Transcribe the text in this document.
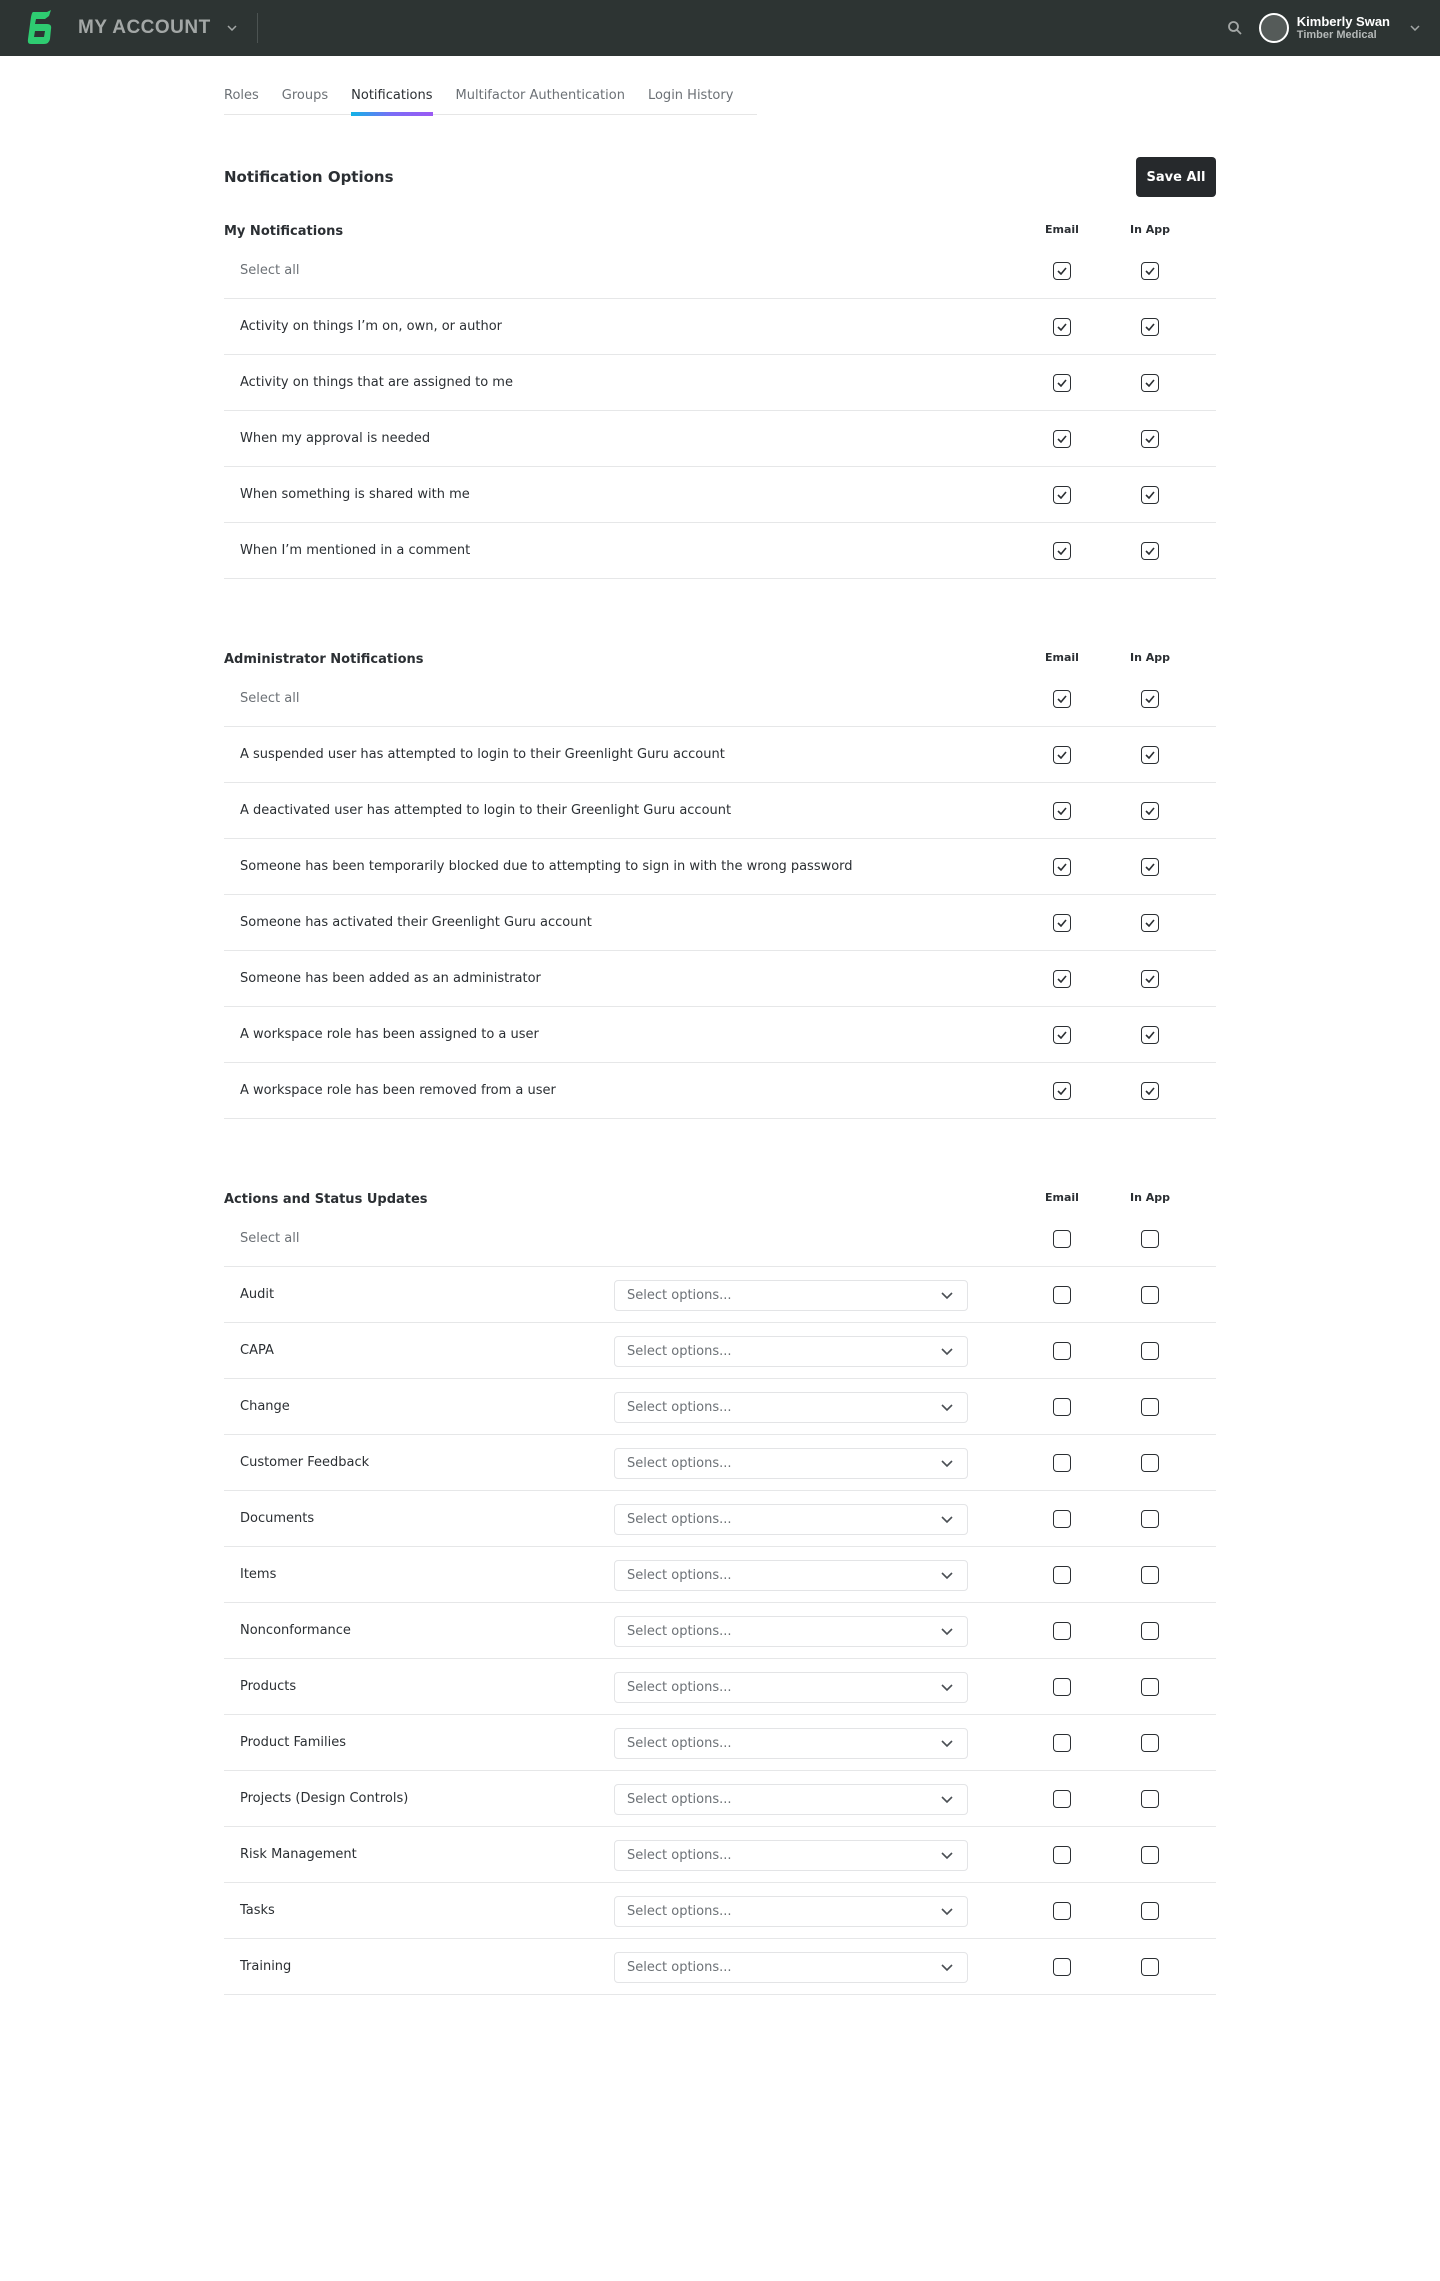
MY ACCOUNT	Kimberly Swan
Timber Medical
Roles Groups Notifications Multifactor Authentication Login History
Notification Options	Save All
My Notifications	Email	In App
Select all
Activity on things I’m on, own, or author
Activity on things that are assigned to me
When my approval is needed
When something is shared with me
When I’m mentioned in a comment
Administrator Notifications	Email	In App
Select all
A suspended user has attempted to login to their Greenlight Guru account
A deactivated user has attempted to login to their Greenlight Guru account
Someone has been temporarily blocked due to attempting to sign in with the wrong password
Someone has activated their Greenlight Guru account
Someone has been added as an administrator
A workspace role has been assigned to a user
A workspace role has been removed from a user
Actions and Status Updates	Email	In App
Select all
Audit	Select options...
CAPA	Select options...
Change	Select options...
Customer Feedback	Select options...
Documents	Select options...
Items	Select options...
Nonconformance	Select options...
Products	Select options...
Product Families	Select options...
Projects (Design Controls)	Select options...
Risk Management	Select options...
Tasks	Select options...
Training	Select options...
